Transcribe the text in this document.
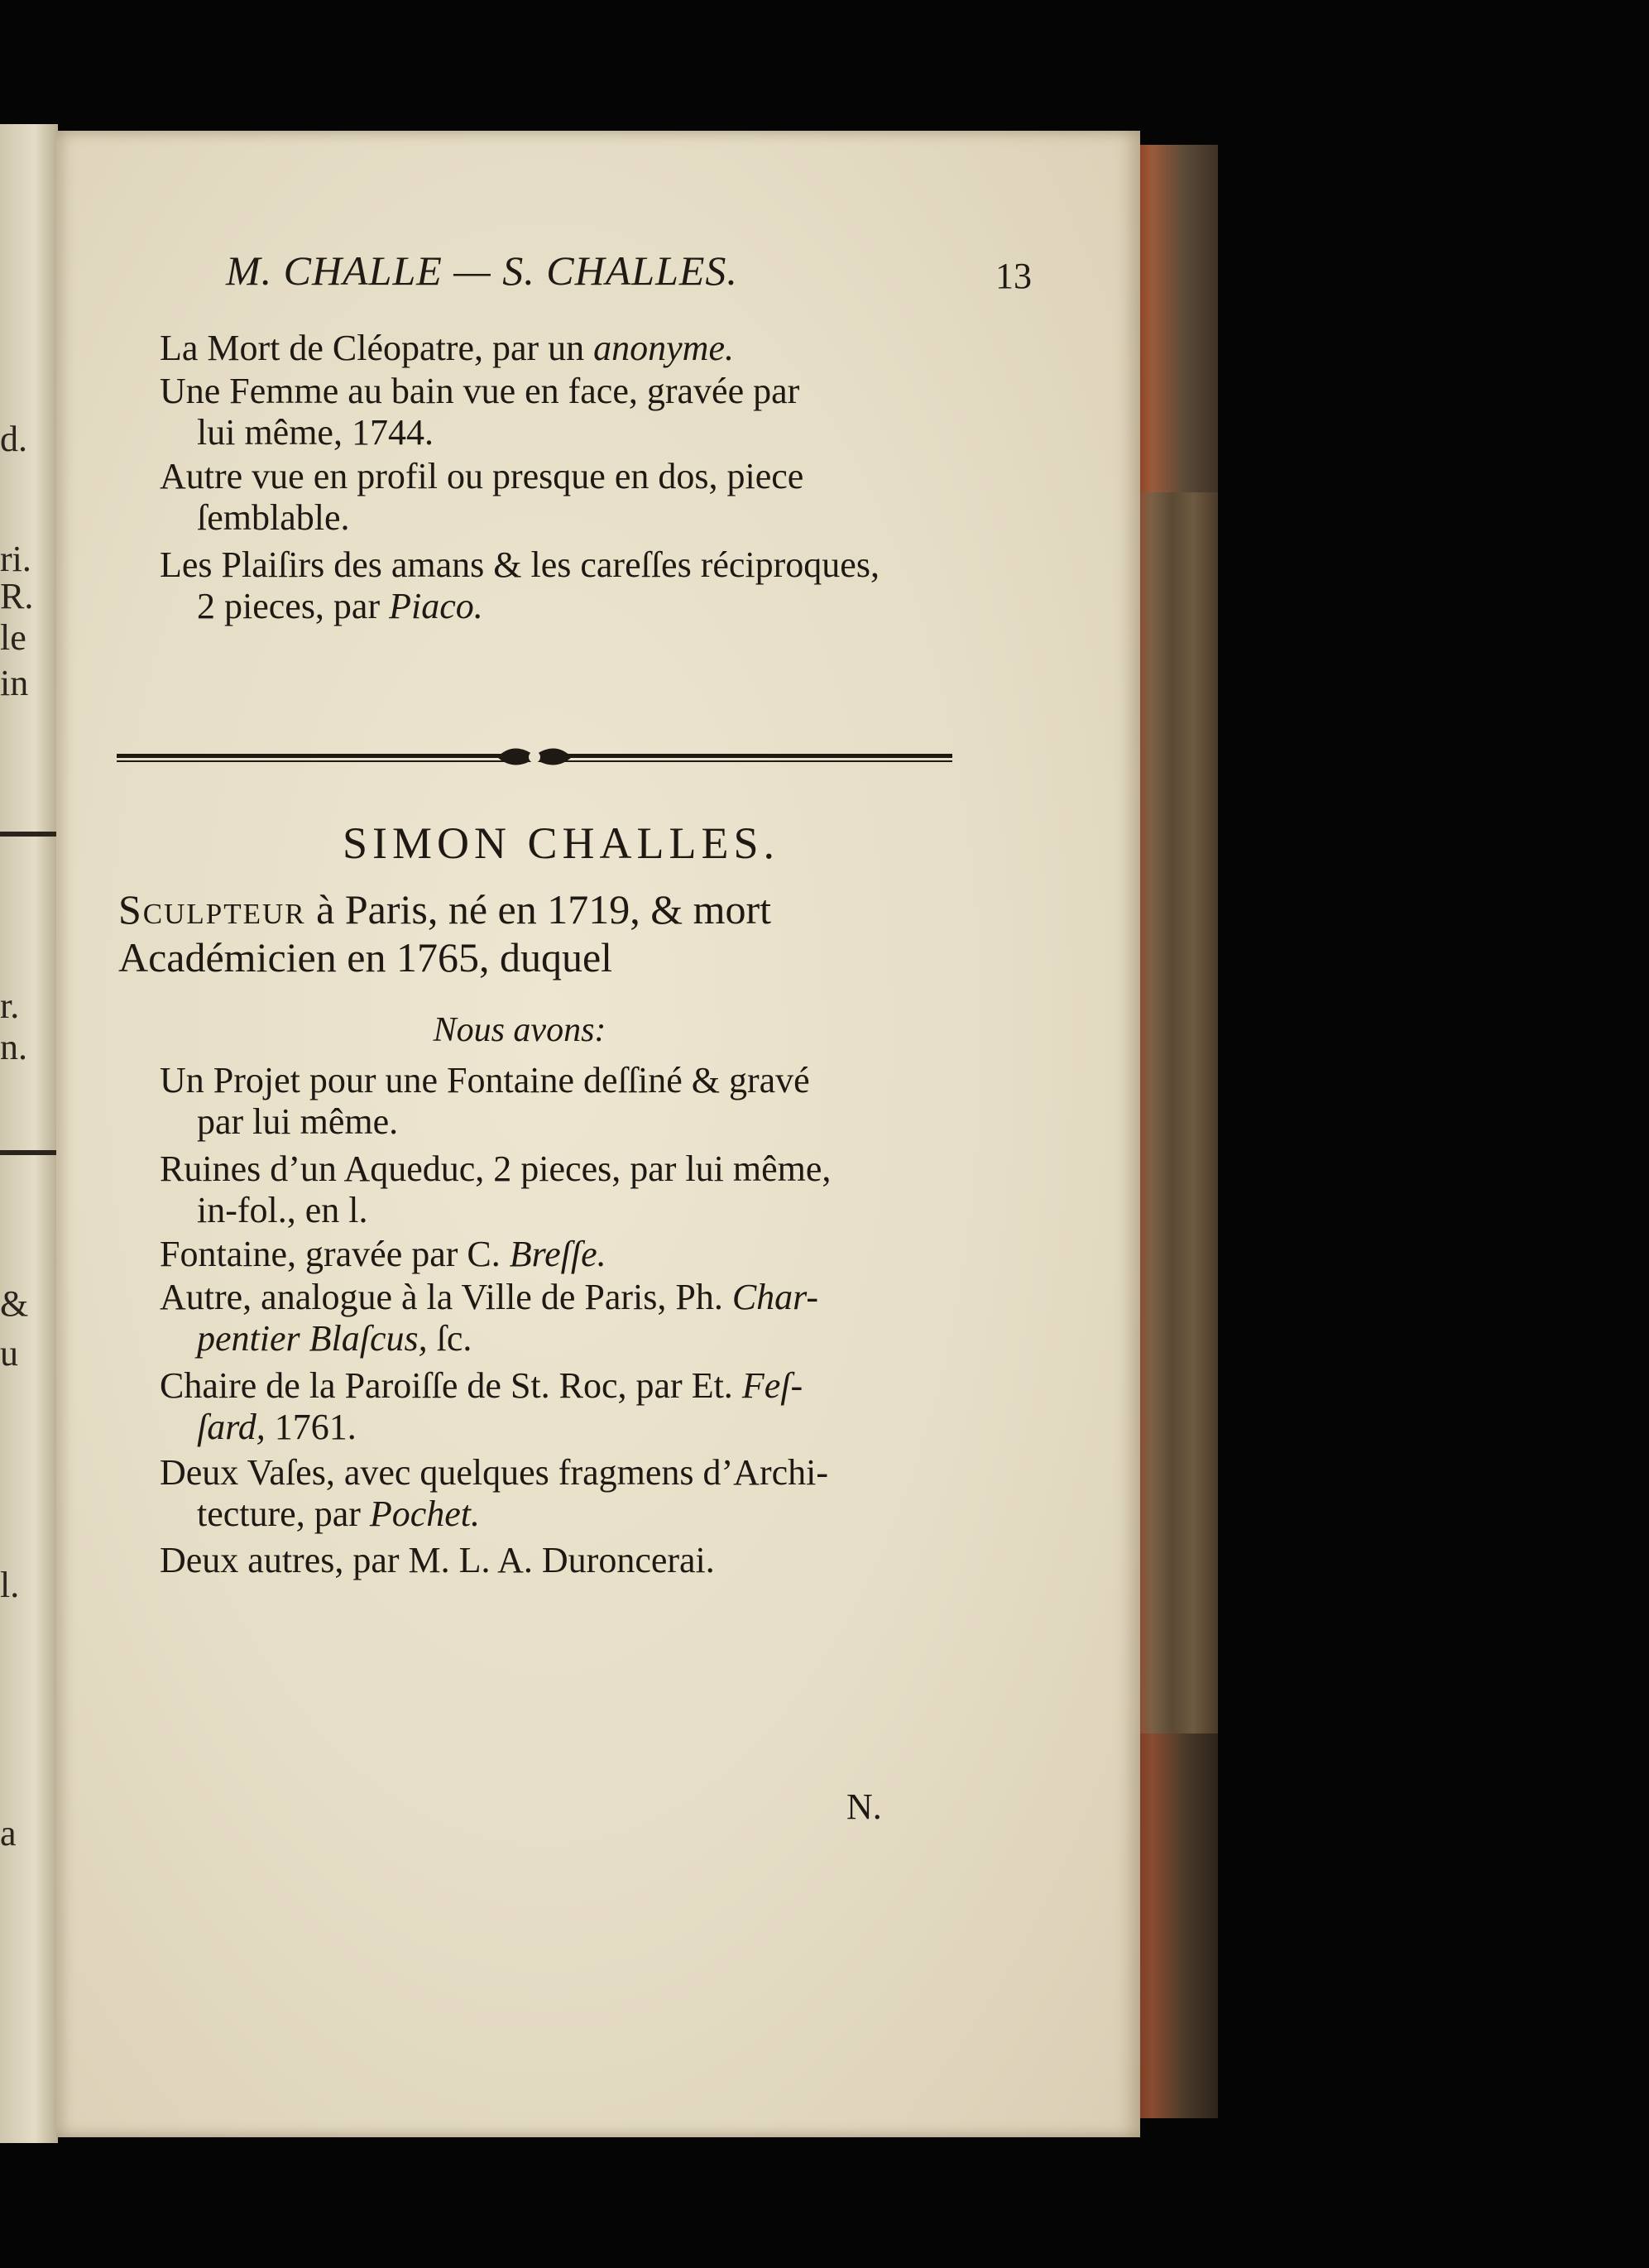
d.
ri.
R.
le
in
r.
n.
&
u
l.
a
M. CHALLE — S. CHALLES.	13
La Mort de Cléopatre, par un anonyme.
Une Femme au bain vue en face, gravée par
lui même, 1744.
Autre vue en profil ou presque en dos, piece
ſemblable.
Les Plaiſirs des amans & les careſſes réciproques,
2 pieces, par Piaco.
SIMON CHALLES.
Sculpteur à Paris, né en 1719, & mort
Académicien en 1765, duquel
Nous avons:
Un Projet pour une Fontaine deſſiné & gravé
par lui même.
Ruines d’un Aqueduc, 2 pieces, par lui même,
in-fol., en l.
Fontaine, gravée par C. Breſſe.
Autre, analogue à la Ville de Paris, Ph. Char-
pentier Blaſcus, ſc.
Chaire de la Paroiſſe de St. Roc, par Et. Feſ-
ſard, 1761.
Deux Vaſes, avec quelques fragmens d’Archi-
tecture, par Pochet.
Deux autres, par M. L. A. Duroncerai.
N.
